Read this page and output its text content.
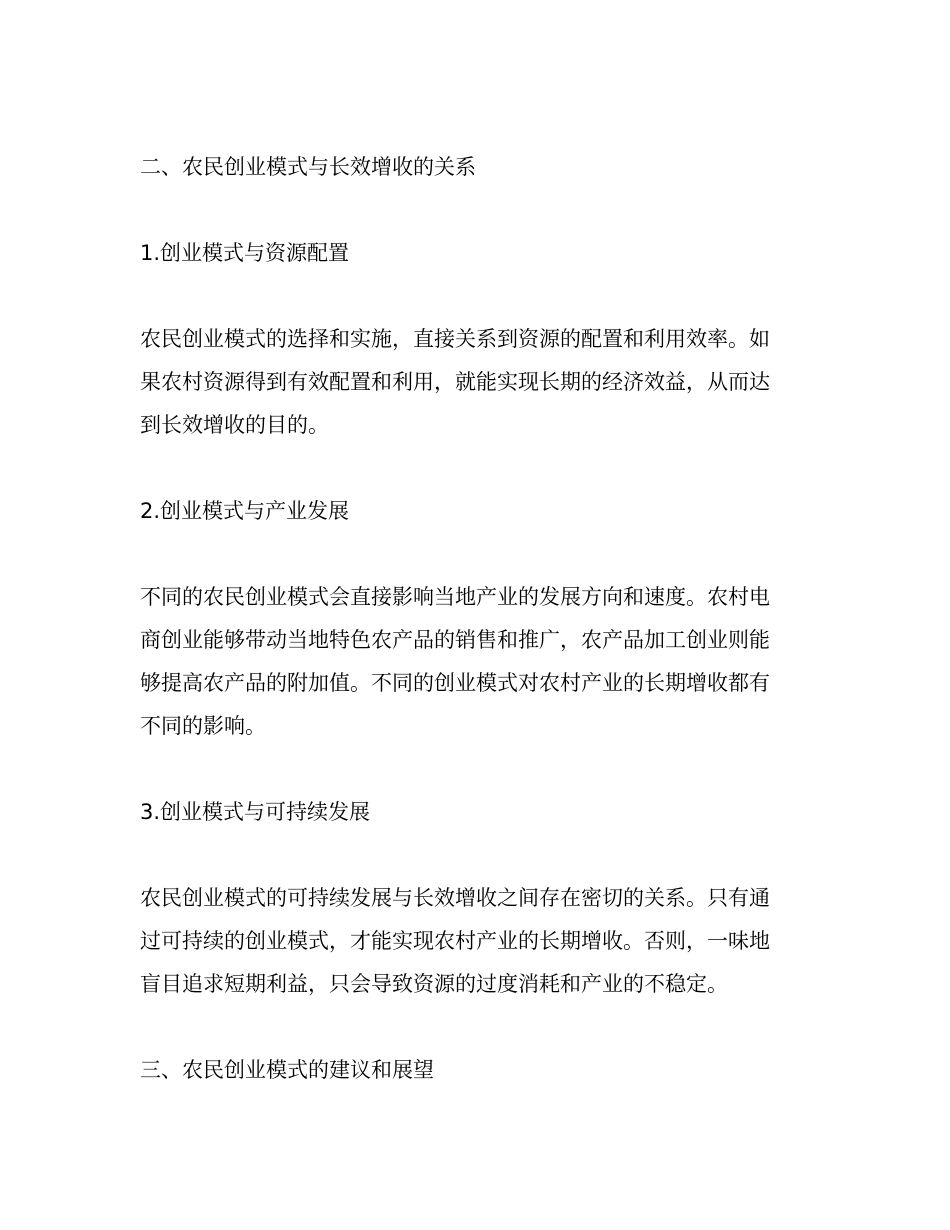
二、农民创业模式与长效增收的关系
1.创业模式与资源配置
农民创业模式的选择和实施，直接关系到资源的配置和利用效率。如
果农村资源得到有效配置和利用，就能实现长期的经济效益，从而达
到长效增收的目的。
2.创业模式与产业发展
不同的农民创业模式会直接影响当地产业的发展方向和速度。农村电
商创业能够带动当地特色农产品的销售和推广，农产品加工创业则能
够提高农产品的附加值。不同的创业模式对农村产业的长期增收都有
不同的影响。
3.创业模式与可持续发展
农民创业模式的可持续发展与长效增收之间存在密切的关系。只有通
过可持续的创业模式，才能实现农村产业的长期增收。否则，一味地
盲目追求短期利益，只会导致资源的过度消耗和产业的不稳定。
三、农民创业模式的建议和展望
